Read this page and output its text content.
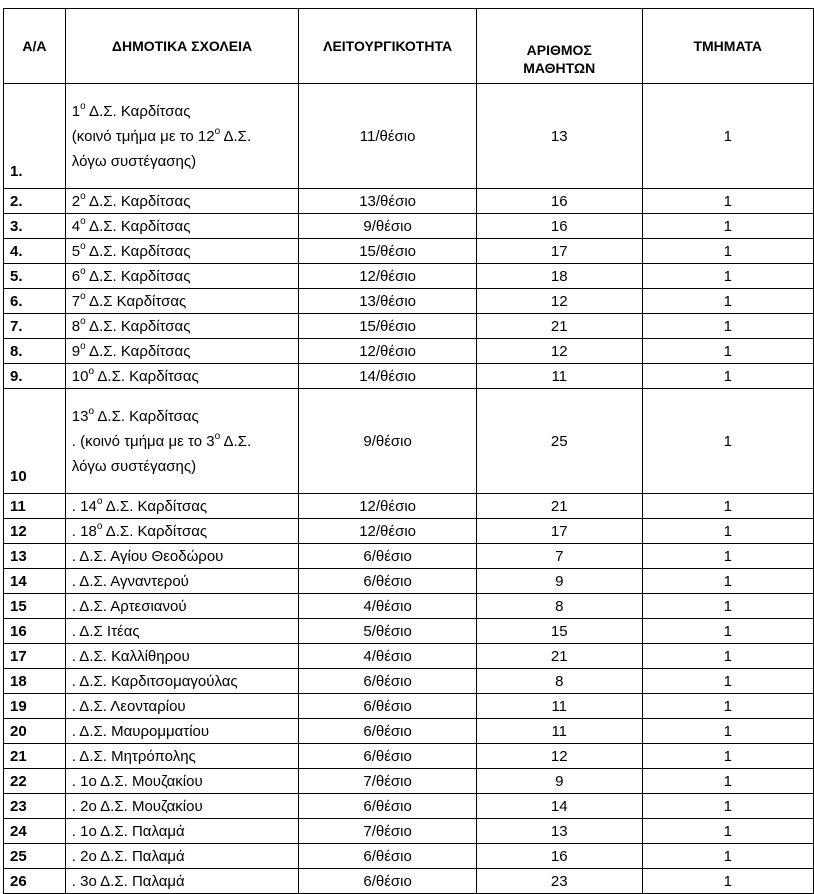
Α/Α	ΔΗΜΟΤΙΚΑ ΣΧΟΛΕΙΑ	ΛΕΙΤΟΥΡΓΙΚΟΤΗΤΑ	ΑΡΙΘΜΟΣ
ΜΑΘΗΤΩΝ	ΤΜΗΜΑΤΑ
1.	$1^o$ Δ.Σ. Καρδίτσας
(κοινό τμήμα με το $12^o$ Δ.Σ.
λόγω συστέγασης)	11/θέσιο	13	1
2.	$2^o$ Δ.Σ. Καρδίτσας	13/θέσιο	16	1
3.	$4^o$ Δ.Σ. Καρδίτσας	9/θέσιο	16	1
4.	$5^o$ Δ.Σ. Καρδίτσας	15/θέσιο	17	1
5.	$6^o$ Δ.Σ. Καρδίτσας	12/θέσιο	18	1
6.	$7^o$ Δ.Σ Καρδίτσας	13/θέσιο	12	1
7.	$8^o$ Δ.Σ. Καρδίτσας	15/θέσιο	21	1
8.	$9^o$ Δ.Σ. Καρδίτσας	12/θέσιο	12	1
9.	$10^o$ Δ.Σ. Καρδίτσας	14/θέσιο	11	1
10	$13^o$ Δ.Σ. Καρδίτσας
. (κοινό τμήμα με το $3^o$ Δ.Σ.
λόγω συστέγασης)	9/θέσιο	25	1
11	. $14^o$ Δ.Σ. Καρδίτσας	12/θέσιο	21	1
12	. $18^o$ Δ.Σ. Καρδίτσας	12/θέσιο	17	1
13	. Δ.Σ. Αγίου Θεοδώρου	6/θέσιο	7	1
14	. Δ.Σ. Αγναντερού	6/θέσιο	9	1
15	. Δ.Σ. Αρτεσιανού	4/θέσιο	8	1
16	. Δ.Σ Ιτέας	5/θέσιο	15	1
17	. Δ.Σ. Καλλίθηρου	4/θέσιο	21	1
18	. Δ.Σ. Καρδιτσομαγούλας	6/θέσιο	8	1
19	. Δ.Σ. Λεονταρίου	6/θέσιο	11	1
20	. Δ.Σ. Μαυρομματίου	6/θέσιο	11	1
21	. Δ.Σ. Μητρόπολης	6/θέσιο	12	1
22	. 1ο Δ.Σ. Μουζακίου	7/θέσιο	9	1
23	. 2ο Δ.Σ. Μουζακίου	6/θέσιο	14	1
24	. 1ο Δ.Σ. Παλαμά	7/θέσιο	13	1
25	. 2ο Δ.Σ. Παλαμά	6/θέσιο	16	1
26	. 3ο Δ.Σ. Παλαμά	6/θέσιο	23	1
